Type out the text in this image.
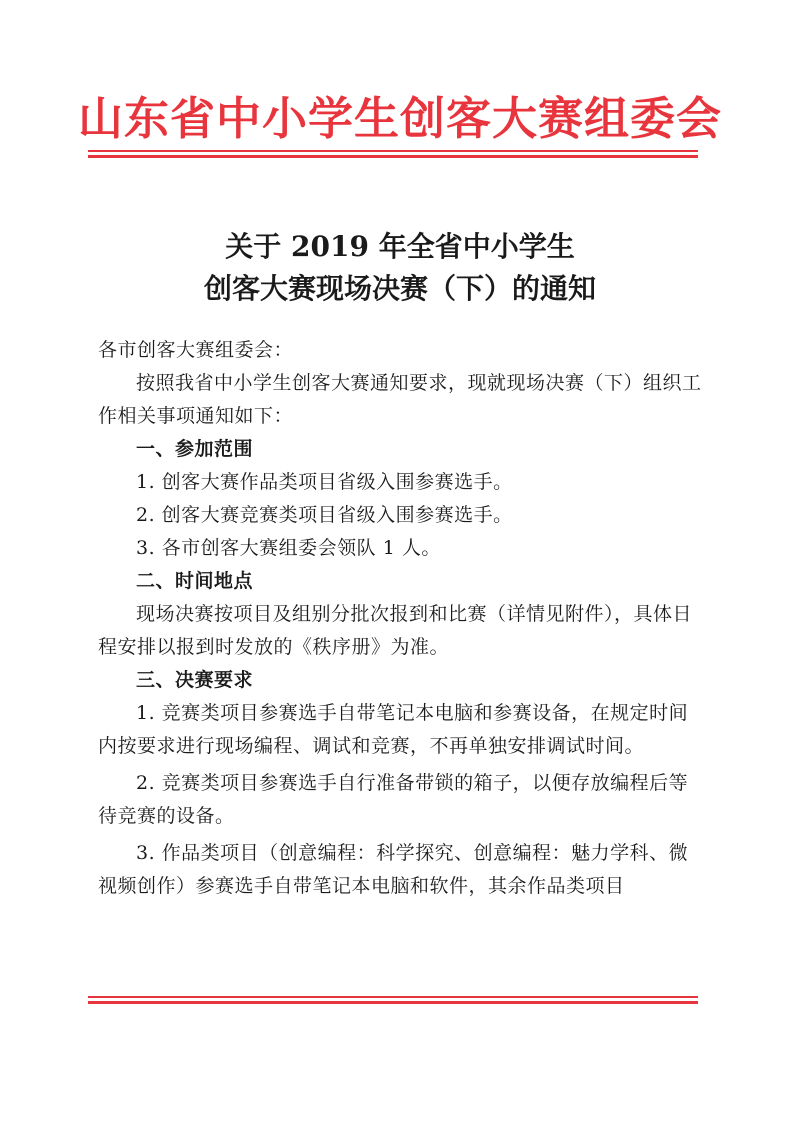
山东省中小学生创客大赛组委会
关于 2019 年全省中小学生
创客大赛现场决赛（下）的通知

各市创客大赛组委会：

按照我省中小学生创客大赛通知要求，现就现场决赛（下）组织工作相关事项通知如下：

一、参加范围

1. 创客大赛作品类项目省级入围参赛选手。

2. 创客大赛竞赛类项目省级入围参赛选手。

3. 各市创客大赛组委会领队 1 人。

二、时间地点

现场决赛按项目及组别分批次报到和比赛（详情见附件），具体日程安排以报到时发放的《秩序册》为准。

三、决赛要求

1. 竞赛类项目参赛选手自带笔记本电脑和参赛设备，在规定时间内按要求进行现场编程、调试和竞赛，不再单独安排调试时间。

2. 竞赛类项目参赛选手自行准备带锁的箱子，以便存放编程后等待竞赛的设备。

3. 作品类项目（创意编程：科学探究、创意编程：魅力学科、微视频创作）参赛选手自带笔记本电脑和软件，其余作品类项目
